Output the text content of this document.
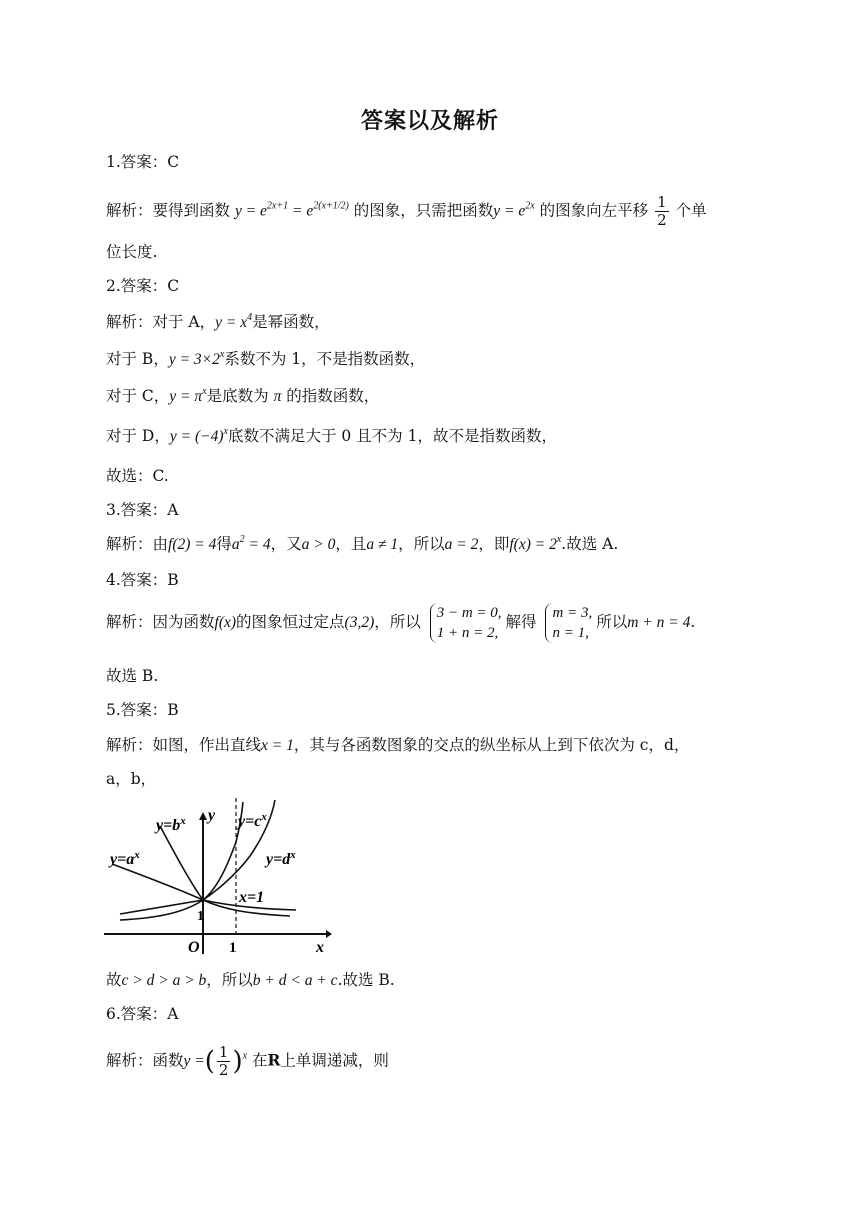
答案以及解析
1.答案：C
解析：要得到函数 $y = e^{2x+1} = e^{2(x+1/2)}$ 的图象，只需把函数$y = e^{2x}$ 的图象向左平移 $\frac{1}{2}$ 个单
位长度.
2.答案：C
解析：对于 A，$y = x^4$是幂函数，
对于 B，$y = 3\times 2^x$系数不为 1，不是指数函数，
对于 C，$y = \pi^x$是底数为 π 的指数函数，
对于 D，$y = (-4)^x$底数不满足大于 0 且不为 1，故不是指数函数，
故选：C.
3.答案：A
解析：由f(2) = 4得$a^2 = 4$，又a > 0，且a ≠ 1，所以a = 2，即$f(x) = 2^x$.故选 A.
4.答案：B
解析：因为函数f(x)的图象恒过定点(3,2)，所以 3 − m = 0,
1 + n = 2,
解得 m = 3,
n = 1,
所以m + n = 4.
故选 B.
5.答案：B
解析：如图，作出直线x = 1，其与各函数图象的交点的纵坐标从上到下依次为 c，d，
a，b，
$y=b^x$	$y=c^x$
$y=a^x$	$y=d^x$
y
x
O 1
1
x=1
故c > d > a > b，所以b + d < a + c.故选 B.
6.答案：A
解析：函数y =( $\frac{1}{2} )^x$ 在R上单调递减，则
